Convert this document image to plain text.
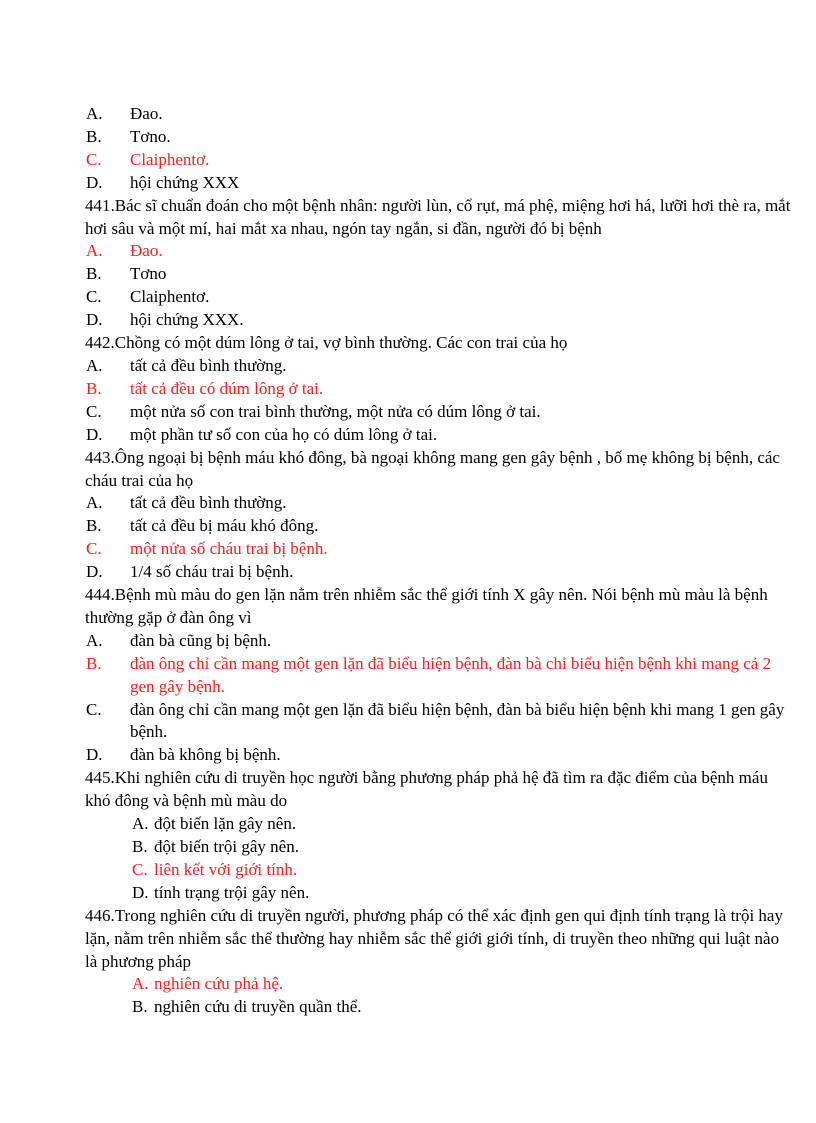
A. Đao.

B. Tơno.

C. Claiphentơ.

D. hội chứng XXX

441.Bác sĩ chuẩn đoán cho một bệnh nhân: người lùn, cổ rụt, má phệ, miệng hơi há, lưỡi hơi thè ra, mắt hơi sâu và một mí, hai mắt xa nhau, ngón tay ngắn, si đần, người đó bị bệnh

A. Đao.

B. Tơno

C. Claiphentơ.

D. hội chứng XXX.

442.Chồng có một dúm lông ở tai, vợ bình thường. Các con trai của họ

A. tất cả đều bình thường.

B. tất cả đều có dúm lông ở tai.

C. một nửa số con trai bình thường, một nửa có dúm lông ở tai.

D. một phần tư số con của họ có dúm lông ở tai.

443.Ông ngoại bị bệnh máu khó đông, bà ngoại không mang gen gây bệnh , bố mẹ không bị bệnh, các cháu trai của họ

A. tất cả đều bình thường.

B. tất cả đều bị máu khó đông.

C. một nửa số cháu trai bị bệnh.

D. 1/4 số cháu trai bị bệnh.

444.Bệnh mù màu do gen lặn nằm trên nhiễm sắc thể giới tính X gây nên. Nói bệnh mù màu là bệnh thường gặp ở đàn ông vì

A. đàn bà cũng bị bệnh.

B. đàn ông chỉ cần mang một gen lặn đã biểu hiện bệnh, đàn bà chỉ biểu hiện bệnh khi mang cả 2 gen gây bệnh.

C. đàn ông chỉ cần mang một gen lặn đã biểu hiện bệnh, đàn bà biểu hiện bệnh khi mang 1 gen gây bệnh.

D. đàn bà không bị bệnh.

445.Khi nghiên cứu di truyền học người bằng phương pháp phả hệ đã tìm ra đặc điểm của bệnh máu khó đông và bệnh mù màu do

A. đột biến lặn gây nên.

B. đột biến trội gây nên.

C. liên kết với giới tính.

D. tính trạng trội gây nên.

446.Trong nghiên cứu di truyền người, phương pháp có thể xác định gen qui định tính trạng là trội hay lặn, nằm trên nhiễm sắc thể thường hay nhiễm sắc thể giới giới tính, di truyền theo những qui luật nào là phương pháp

A. nghiên cứu phả hệ.

B. nghiên cứu di truyền quần thể.
